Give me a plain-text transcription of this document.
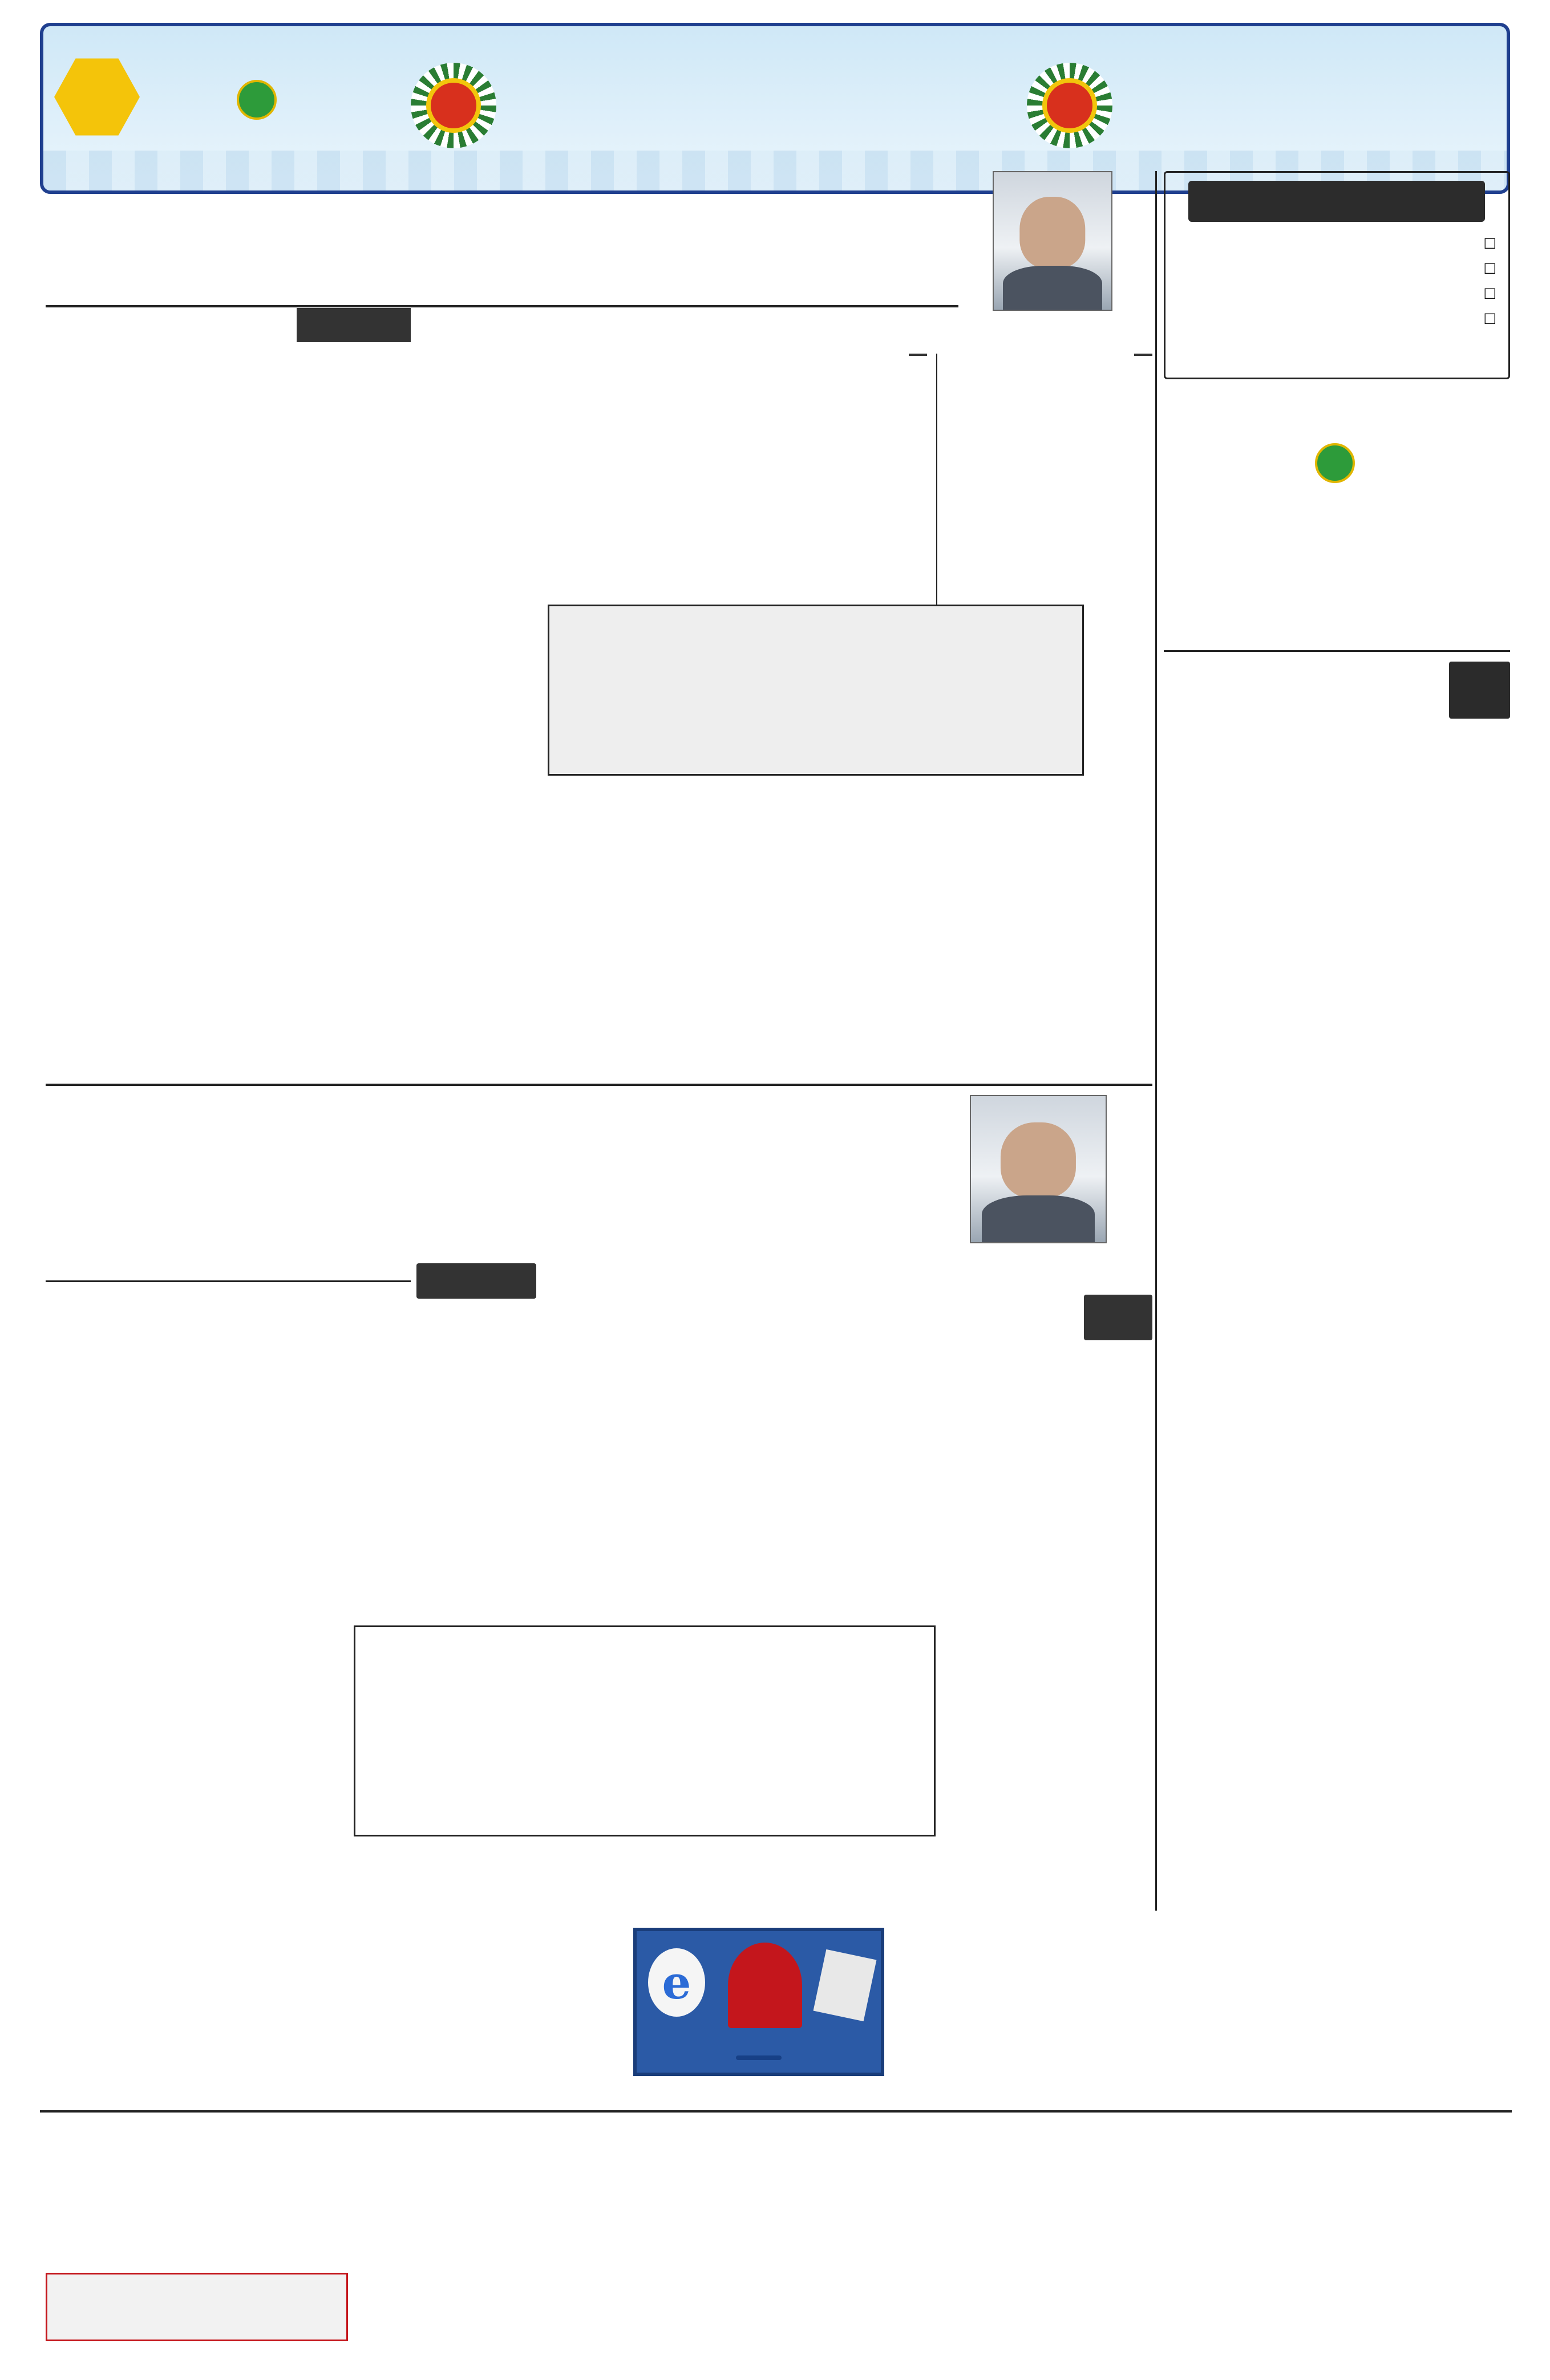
□
□
□
□
e
